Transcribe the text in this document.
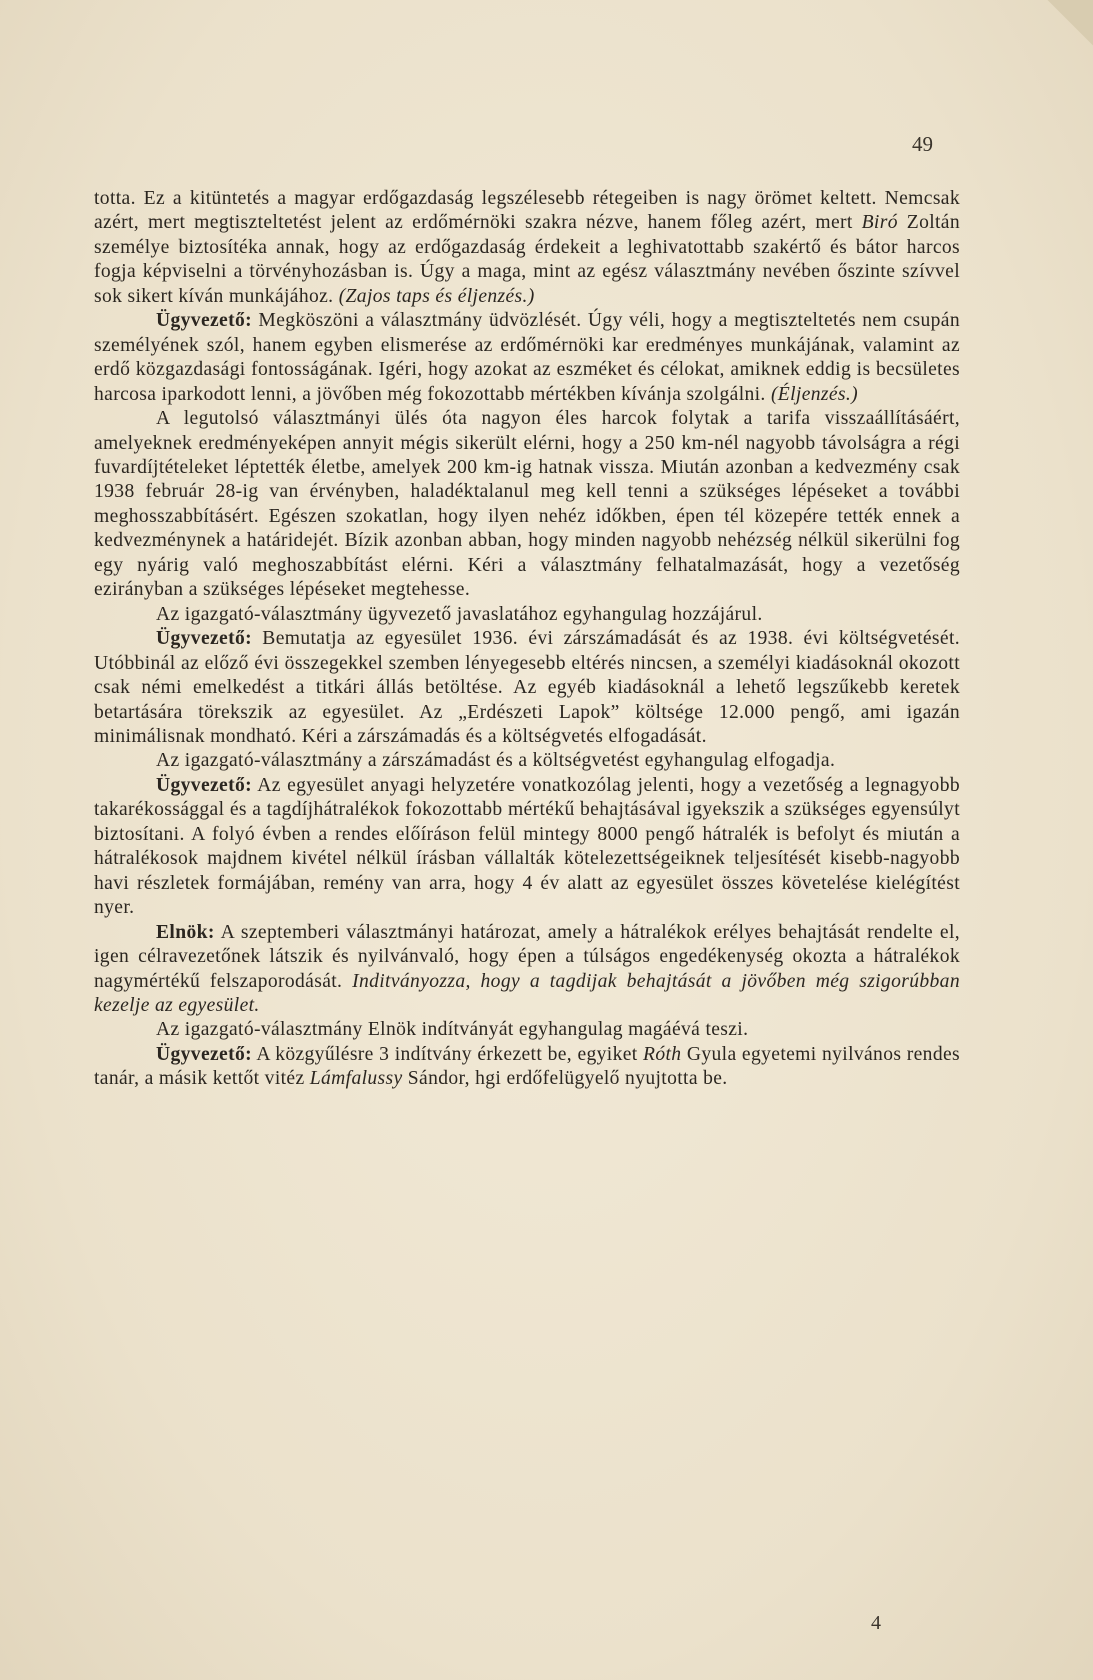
49

totta. Ez a kitüntetés a magyar erdőgazdaság legszélesebb rétegeiben is nagy örömet keltett. Nemcsak azért, mert megtiszteltetést jelent az erdőmérnöki szakra nézve, hanem főleg azért, mert Biró Zoltán személye biztosítéka annak, hogy az erdőgazdaság érdekeit a leghivatottabb szakértő és bátor harcos fogja képviselni a törvényhozásban is. Úgy a maga, mint az egész választmány nevében őszinte szívvel sok sikert kíván munkájához. (Zajos taps és éljenzés.)

Ügyvezető: Megköszöni a választmány üdvözlését. Úgy véli, hogy a megtiszteltetés nem csupán személyének szól, hanem egyben elismerése az erdőmérnöki kar eredményes munkájának, valamint az erdő közgazdasági fontosságának. Igéri, hogy azokat az eszméket és célokat, amiknek eddig is becsületes harcosa iparkodott lenni, a jövőben még fokozottabb mértékben kívánja szolgálni. (Éljenzés.)

A legutolsó választmányi ülés óta nagyon éles harcok folytak a tarifa visszaállításáért, amelyeknek eredményeképen annyit mégis sikerült elérni, hogy a 250 km-nél nagyobb távolságra a régi fuvardíjtételeket léptették életbe, amelyek 200 km-ig hatnak vissza. Miután azonban a kedvezmény csak 1938 február 28-ig van érvényben, haladéktalanul meg kell tenni a szükséges lépéseket a további meghosszabbításért. Egészen szokatlan, hogy ilyen nehéz időkben, épen tél közepére tették ennek a kedvezménynek a határidejét. Bízik azonban abban, hogy minden nagyobb nehézség nélkül sikerülni fog egy nyárig való meghoszabbítást elérni. Kéri a választmány felhatalmazását, hogy a vezetőség ezirányban a szükséges lépéseket megtehesse.

Az igazgató-választmány ügyvezető javaslatához egyhangulag hozzájárul.

Ügyvezető: Bemutatja az egyesület 1936. évi zárszámadását és az 1938. évi költségvetését. Utóbbinál az előző évi összegekkel szemben lényegesebb eltérés nincsen, a személyi kiadásoknál okozott csak némi emelkedést a titkári állás betöltése. Az egyéb kiadásoknál a lehető legszűkebb keretek betartására törekszik az egyesület. Az „Erdészeti Lapok” költsége 12.000 pengő, ami igazán minimálisnak mondható. Kéri a zárszámadás és a költségvetés elfogadását.

Az igazgató-választmány a zárszámadást és a költségvetést egyhangulag elfogadja.

Ügyvezető: Az egyesület anyagi helyzetére vonatkozólag jelenti, hogy a vezetőség a legnagyobb takarékossággal és a tagdíjhátralékok fokozottabb mértékű behajtásával igyekszik a szükséges egyensúlyt biztosítani. A folyó évben a rendes előíráson felül mintegy 8000 pengő hátralék is befolyt és miután a hátralékosok majdnem kivétel nélkül írásban vállalták kötelezettségeiknek teljesítését kisebb-nagyobb havi részletek formájában, remény van arra, hogy 4 év alatt az egyesület összes követelése kielégítést nyer.

Elnök: A szeptemberi választmányi határozat, amely a hátralékok erélyes behajtását rendelte el, igen célravezetőnek látszik és nyilvánvaló, hogy épen a túlságos engedékenység okozta a hátralékok nagymértékű felszaporodását. Inditványozza, hogy a tagdijak behajtását a jövőben még szigorúbban kezelje az egyesület.

Az igazgató-választmány Elnök indítványát egyhangulag magáévá teszi.

Ügyvezető: A közgyűlésre 3 indítvány érkezett be, egyiket Róth Gyula egyetemi nyilvános rendes tanár, a másik kettőt vitéz Lámfalussy Sándor, hgi erdőfelügyelő nyujtotta be.

4
